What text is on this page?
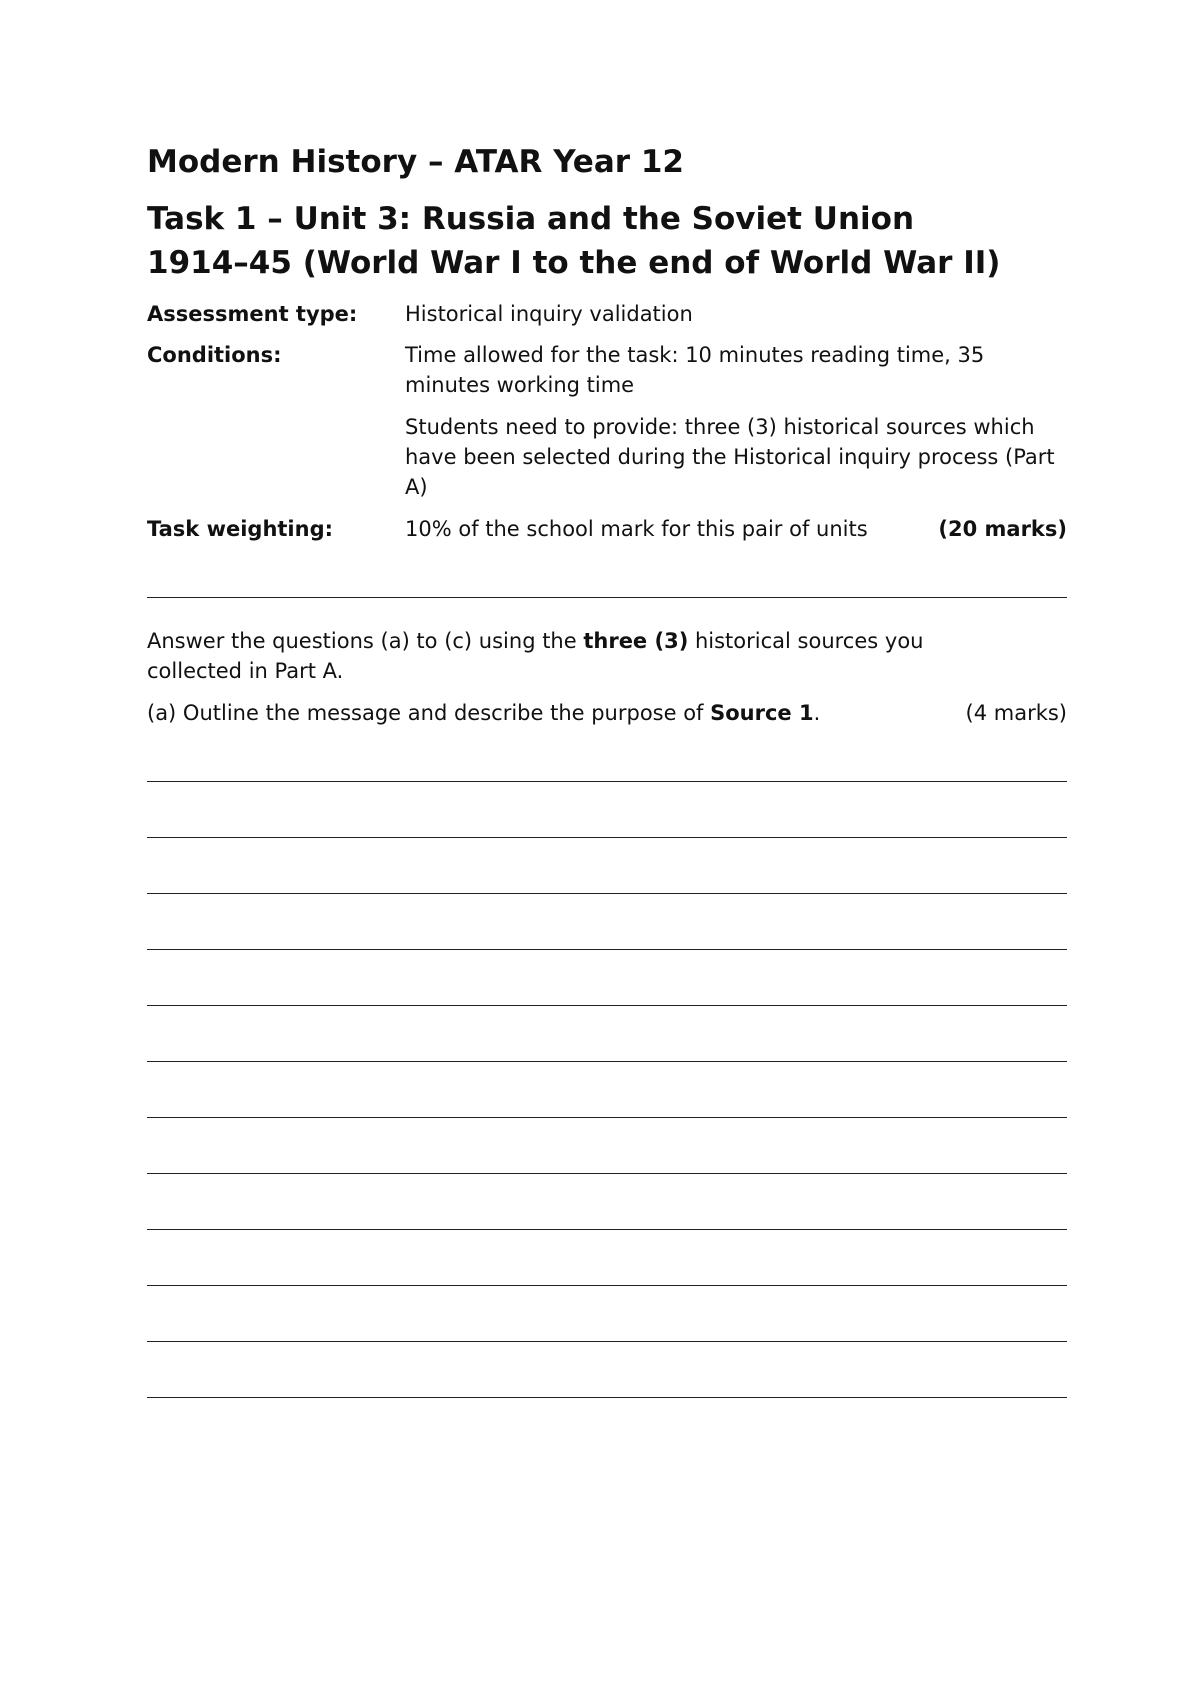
Modern History – ATAR Year 12
Task 1 – Unit 3: Russia and the Soviet Union
1914–45 (World War I to the end of World War II)
Assessment type: Historical inquiry validation
Conditions:	Time allowed for the task: 10 minutes reading time, 35 minutes working time
Students need to provide: three (3) historical sources which have been selected during the Historical inquiry process (Part A)
Task weighting:	10% of the school mark for this pair of units	(20 marks)
Answer the questions (a) to (c) using the three (3) historical sources you collected in Part A.
(a) Outline the message and describe the purpose of Source 1.	(4 marks)
